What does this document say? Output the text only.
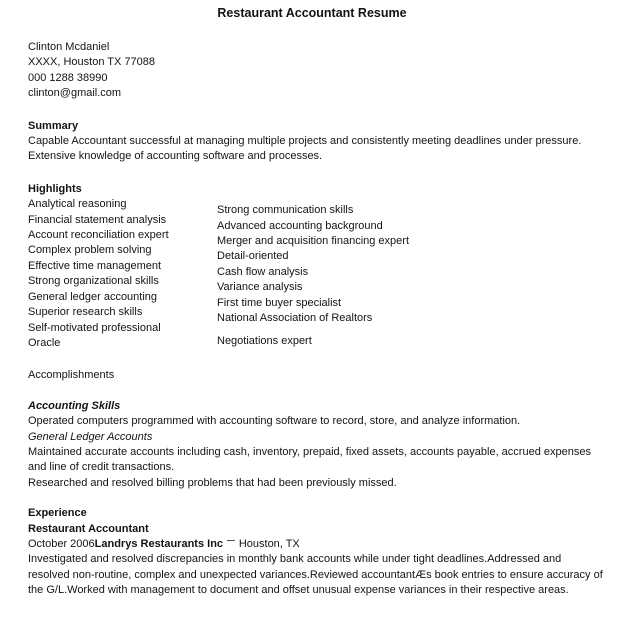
Restaurant Accountant Resume
Clinton Mcdaniel
XXXX, Houston TX 77088
000 1288 38990
clinton@gmail.com
Summary

Capable Accountant successful at managing multiple projects and consistently meeting deadlines under pressure. Extensive knowledge of accounting software and processes.

Highlights
Analytical reasoning
Financial statement analysis
Account reconciliation expert
Complex problem solving
Effective time management
Strong organizational skills
General ledger accounting
Superior research skills
Self-motivated professional
Oracle
Strong communication skills
Advanced accounting background
Merger and acquisition financing expert
Detail-oriented
Cash flow analysis
Variance analysis
First time buyer specialist
National Association of Realtors
Negotiations expert
Accomplishments
Accounting Skills

Operated computers programmed with accounting software to record, store, and analyze information.

General Ledger Accounts

Maintained accurate accounts including cash, inventory, prepaid, fixed assets, accounts payable, accrued expenses and line of credit transactions.

Researched and resolved billing problems that had been previously missed.

Experience
Restaurant Accountant
October 2006Landrys Restaurants Inc ─ Houston, TX

Investigated and resolved discrepancies in monthly bank accounts while under tight deadlines.Addressed and resolved non-routine, complex and unexpected variances.Reviewed accountantÆs book entries to ensure accuracy of the G/L.Worked with management to document and offset unusual expense variances in their respective areas.
